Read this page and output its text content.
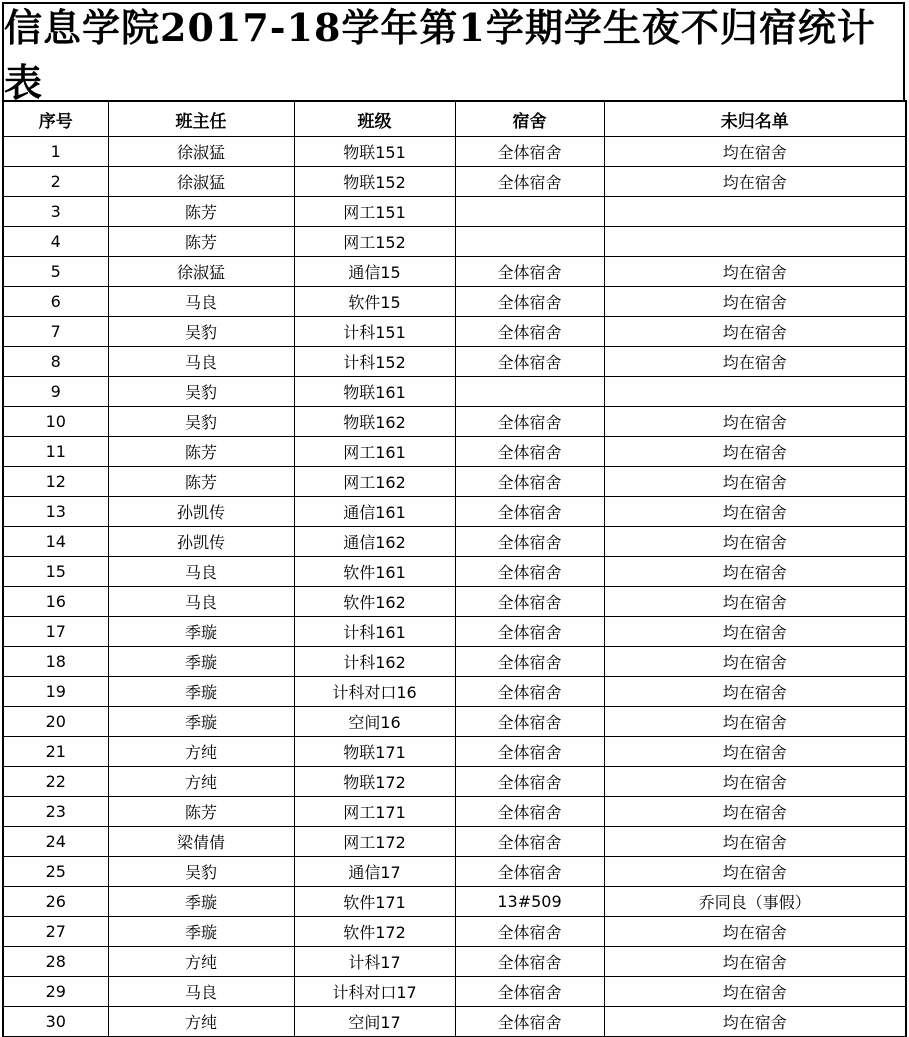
信息学院2017-18学年第1学期学生夜不归宿统计表
序号	班主任	班级	宿舍	未归名单
1	徐淑猛	物联151	全体宿舍	均在宿舍
2	徐淑猛	物联152	全体宿舍	均在宿舍
3	陈芳	网工151		
4	陈芳	网工152		
5	徐淑猛	通信15	全体宿舍	均在宿舍
6	马良	软件15	全体宿舍	均在宿舍
7	吴豹	计科151	全体宿舍	均在宿舍
8	马良	计科152	全体宿舍	均在宿舍
9	吴豹	物联161		
10	吴豹	物联162	全体宿舍	均在宿舍
11	陈芳	网工161	全体宿舍	均在宿舍
12	陈芳	网工162	全体宿舍	均在宿舍
13	孙凯传	通信161	全体宿舍	均在宿舍
14	孙凯传	通信162	全体宿舍	均在宿舍
15	马良	软件161	全体宿舍	均在宿舍
16	马良	软件162	全体宿舍	均在宿舍
17	季璇	计科161	全体宿舍	均在宿舍
18	季璇	计科162	全体宿舍	均在宿舍
19	季璇	计科对口16	全体宿舍	均在宿舍
20	季璇	空间16	全体宿舍	均在宿舍
21	方纯	物联171	全体宿舍	均在宿舍
22	方纯	物联172	全体宿舍	均在宿舍
23	陈芳	网工171	全体宿舍	均在宿舍
24	梁倩倩	网工172	全体宿舍	均在宿舍
25	吴豹	通信17	全体宿舍	均在宿舍
26	季璇	软件171	13#509	乔同良（事假）
27	季璇	软件172	全体宿舍	均在宿舍
28	方纯	计科17	全体宿舍	均在宿舍
29	马良	计科对口17	全体宿舍	均在宿舍
30	方纯	空间17	全体宿舍	均在宿舍
